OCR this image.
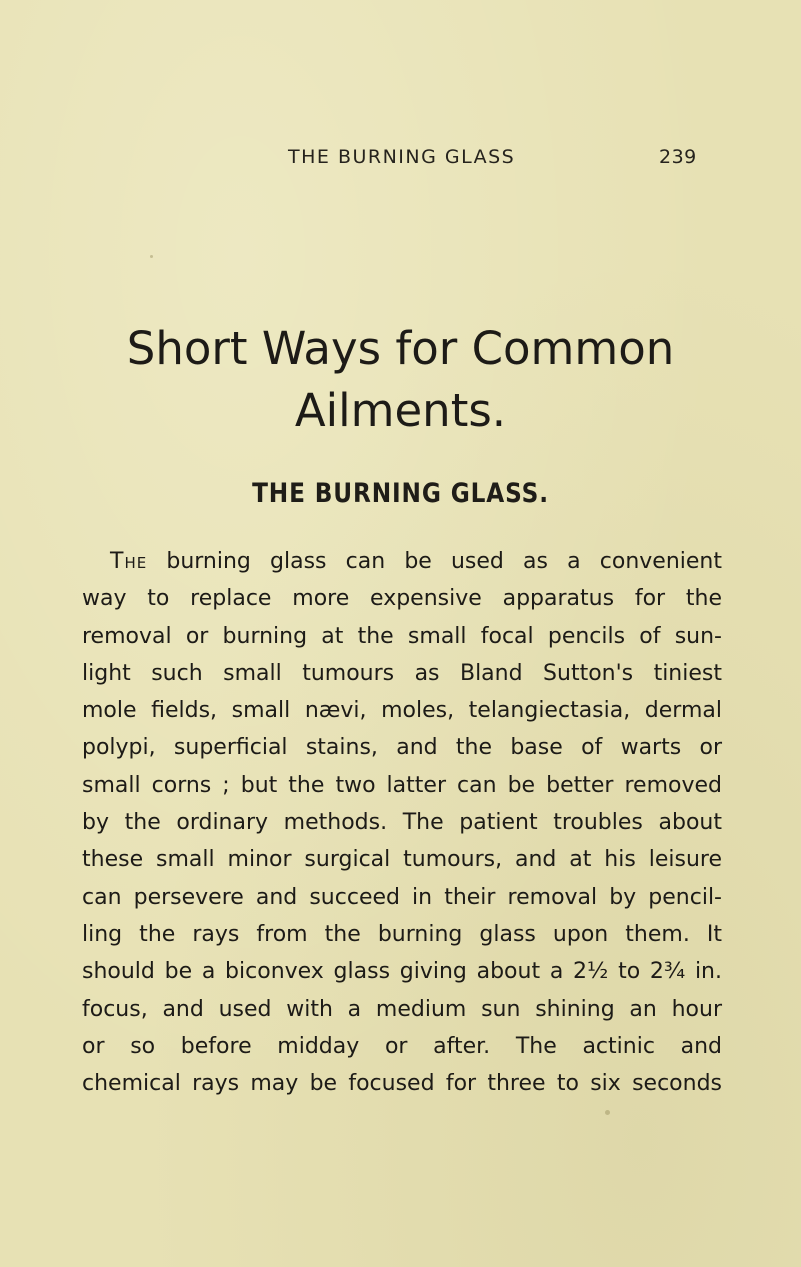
THE BURNING GLASS	239
Short Ways for Common
Ailments.
THE BURNING GLASS.
The burning glass can be used as a convenient
way to replace more expensive apparatus for the
removal or burning at the small focal pencils of sun-
light such small tumours as Bland Sutton's tiniest
mole fields, small nævi, moles, telangiectasia, dermal
polypi, superficial stains, and the base of warts or
small corns ; but the two latter can be better removed
by the ordinary methods. The patient troubles about
these small minor surgical tumours, and at his leisure
can persevere and succeed in their removal by pencil-
ling the rays from the burning glass upon them. It
should be a biconvex glass giving about a 2½ to 2¾ in.
focus, and used with a medium sun shining an hour
or so before midday or after. The actinic and
chemical rays may be focused for three to six seconds
